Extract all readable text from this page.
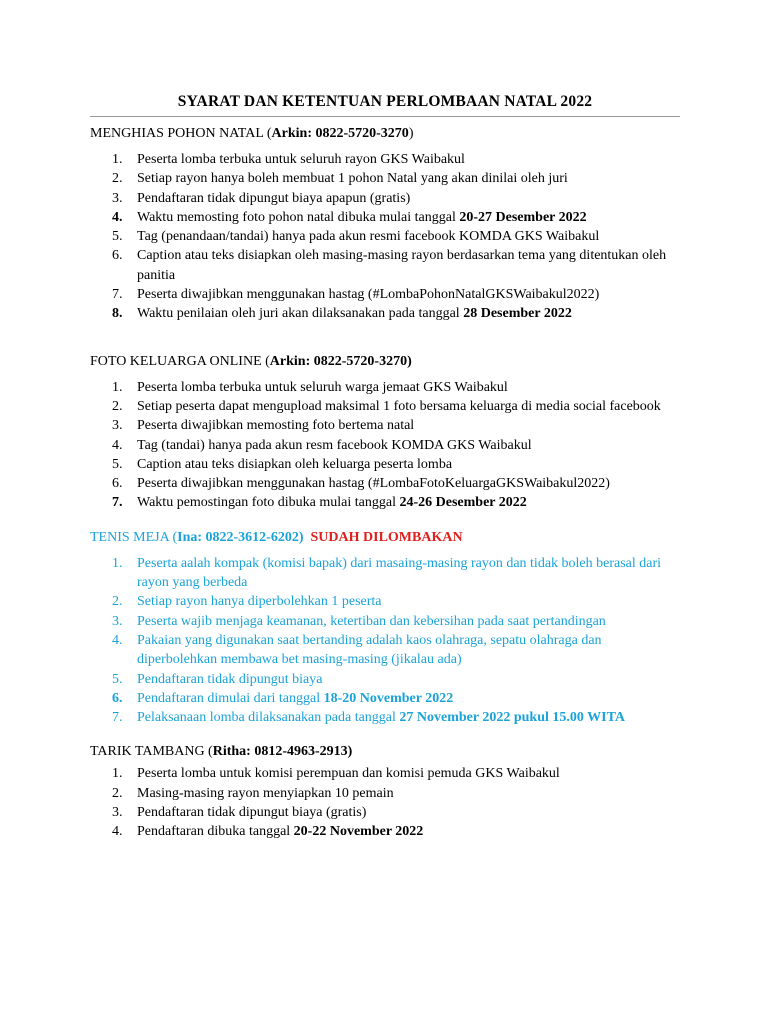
SYARAT DAN KETENTUAN PERLOMBAAN NATAL 2022
MENGHIAS POHON NATAL (Arkin: 0822-5720-3270)
1. Peserta lomba terbuka untuk seluruh rayon GKS Waibakul
2. Setiap rayon hanya boleh membuat 1 pohon Natal yang akan dinilai oleh juri
3. Pendaftaran tidak dipungut biaya apapun (gratis)
4. Waktu memosting foto pohon natal dibuka mulai tanggal 20-27 Desember 2022
5. Tag (penandaan/tandai) hanya pada akun resmi facebook KOMDA GKS Waibakul
6. Caption atau teks disiapkan oleh masing-masing rayon berdasarkan tema yang ditentukan oleh panitia
7. Peserta diwajibkan menggunakan hastag (#LombaPohonNatalGKSWaibakul2022)
8. Waktu penilaian oleh juri akan dilaksanakan pada tanggal 28 Desember 2022
FOTO KELUARGA ONLINE (Arkin: 0822-5720-3270)
1. Peserta lomba terbuka untuk seluruh warga jemaat GKS Waibakul
2. Setiap peserta dapat mengupload maksimal 1 foto bersama keluarga di media social facebook
3. Peserta diwajibkan memosting foto bertema natal
4. Tag (tandai) hanya pada akun resm facebook KOMDA GKS Waibakul
5. Caption atau teks disiapkan oleh keluarga peserta lomba
6. Peserta diwajibkan menggunakan hastag (#LombaFotoKeluargaGKSWaibakul2022)
7. Waktu pemostingan foto dibuka mulai tanggal 24-26 Desember 2022
TENIS MEJA (Ina: 0822-3612-6202) SUDAH DILOMBAKAN
1. Peserta aalah kompak (komisi bapak) dari masaing-masing rayon dan tidak boleh berasal dari rayon yang berbeda
2. Setiap rayon hanya diperbolehkan 1 peserta
3. Peserta wajib menjaga keamanan, ketertiban dan kebersihan pada saat pertandingan
4. Pakaian yang digunakan saat bertanding adalah kaos olahraga, sepatu olahraga dan diperbolehkan membawa bet masing-masing (jikalau ada)
5. Pendaftaran tidak dipungut biaya
6. Pendaftaran dimulai dari tanggal 18-20 November 2022
7. Pelaksanaan lomba dilaksanakan pada tanggal 27 November 2022 pukul 15.00 WITA
TARIK TAMBANG (Ritha: 0812-4963-2913)
1. Peserta lomba untuk komisi perempuan dan komisi pemuda GKS Waibakul
2. Masing-masing rayon menyiapkan 10 pemain
3. Pendaftaran tidak dipungut biaya (gratis)
4. Pendaftaran dibuka tanggal 20-22 November 2022
